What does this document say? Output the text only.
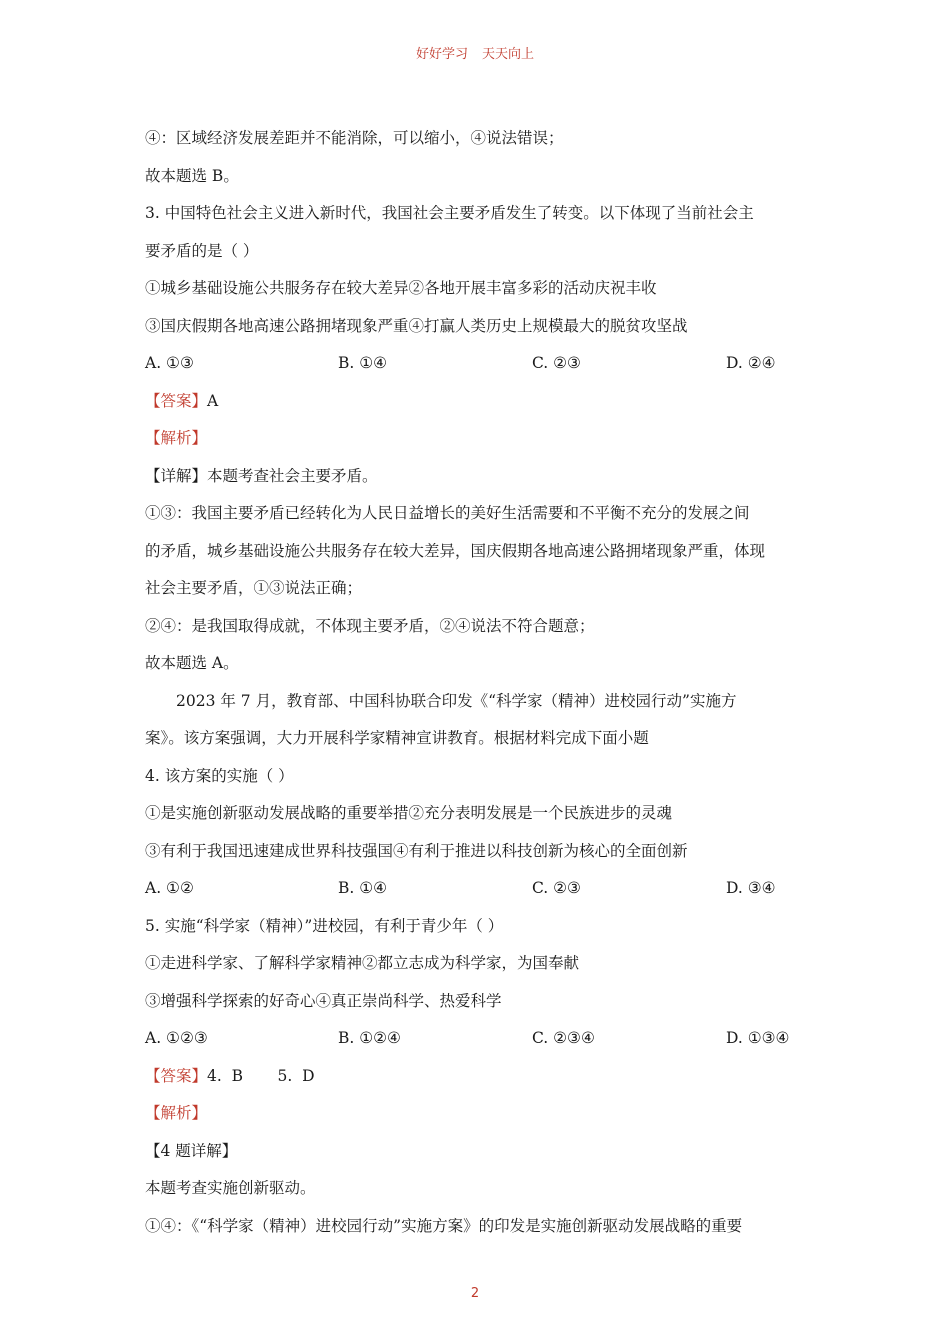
好好学习 天天向上
④：区域经济发展差距并不能消除，可以缩小，④说法错误；
故本题选 B。
3. 中国特色社会主义进入新时代，我国社会主要矛盾发生了转变。以下体现了当前社会主
要矛盾的是（ ）
①城乡基础设施公共服务存在较大差异②各地开展丰富多彩的活动庆祝丰收
③国庆假期各地高速公路拥堵现象严重④打赢人类历史上规模最大的脱贫攻坚战
A. ①③	B. ①④	C. ②③	D. ②④
【答案】A
【解析】
【详解】本题考查社会主要矛盾。
①③：我国主要矛盾已经转化为人民日益增长的美好生活需要和不平衡不充分的发展之间
的矛盾，城乡基础设施公共服务存在较大差异，国庆假期各地高速公路拥堵现象严重，体现
社会主要矛盾，①③说法正确；
②④：是我国取得成就，不体现主要矛盾，②④说法不符合题意；
故本题选 A。
2023 年 7 月，教育部、中国科协联合印发《“科学家（精神）进校园行动”实施方
案》。该方案强调，大力开展科学家精神宣讲教育。根据材料完成下面小题
4. 该方案的实施（ ）
①是实施创新驱动发展战略的重要举措②充分表明发展是一个民族进步的灵魂
③有利于我国迅速建成世界科技强国④有利于推进以科技创新为核心的全面创新
A. ①②	B. ①④	C. ②③	D. ③④
5. 实施“科学家（精神）”进校园，有利于青少年（ ）
①走进科学家、了解科学家精神②都立志成为科学家，为国奉献
③增强科学探索的好奇心④真正崇尚科学、热爱科学
A. ①②③	B. ①②④	C. ②③④	D. ①③④
【答案】4.  B       5.  D
【解析】
【4 题详解】
本题考查实施创新驱动。
①④：《“科学家（精神）进校园行动”实施方案》的印发是实施创新驱动发展战略的重要
2
